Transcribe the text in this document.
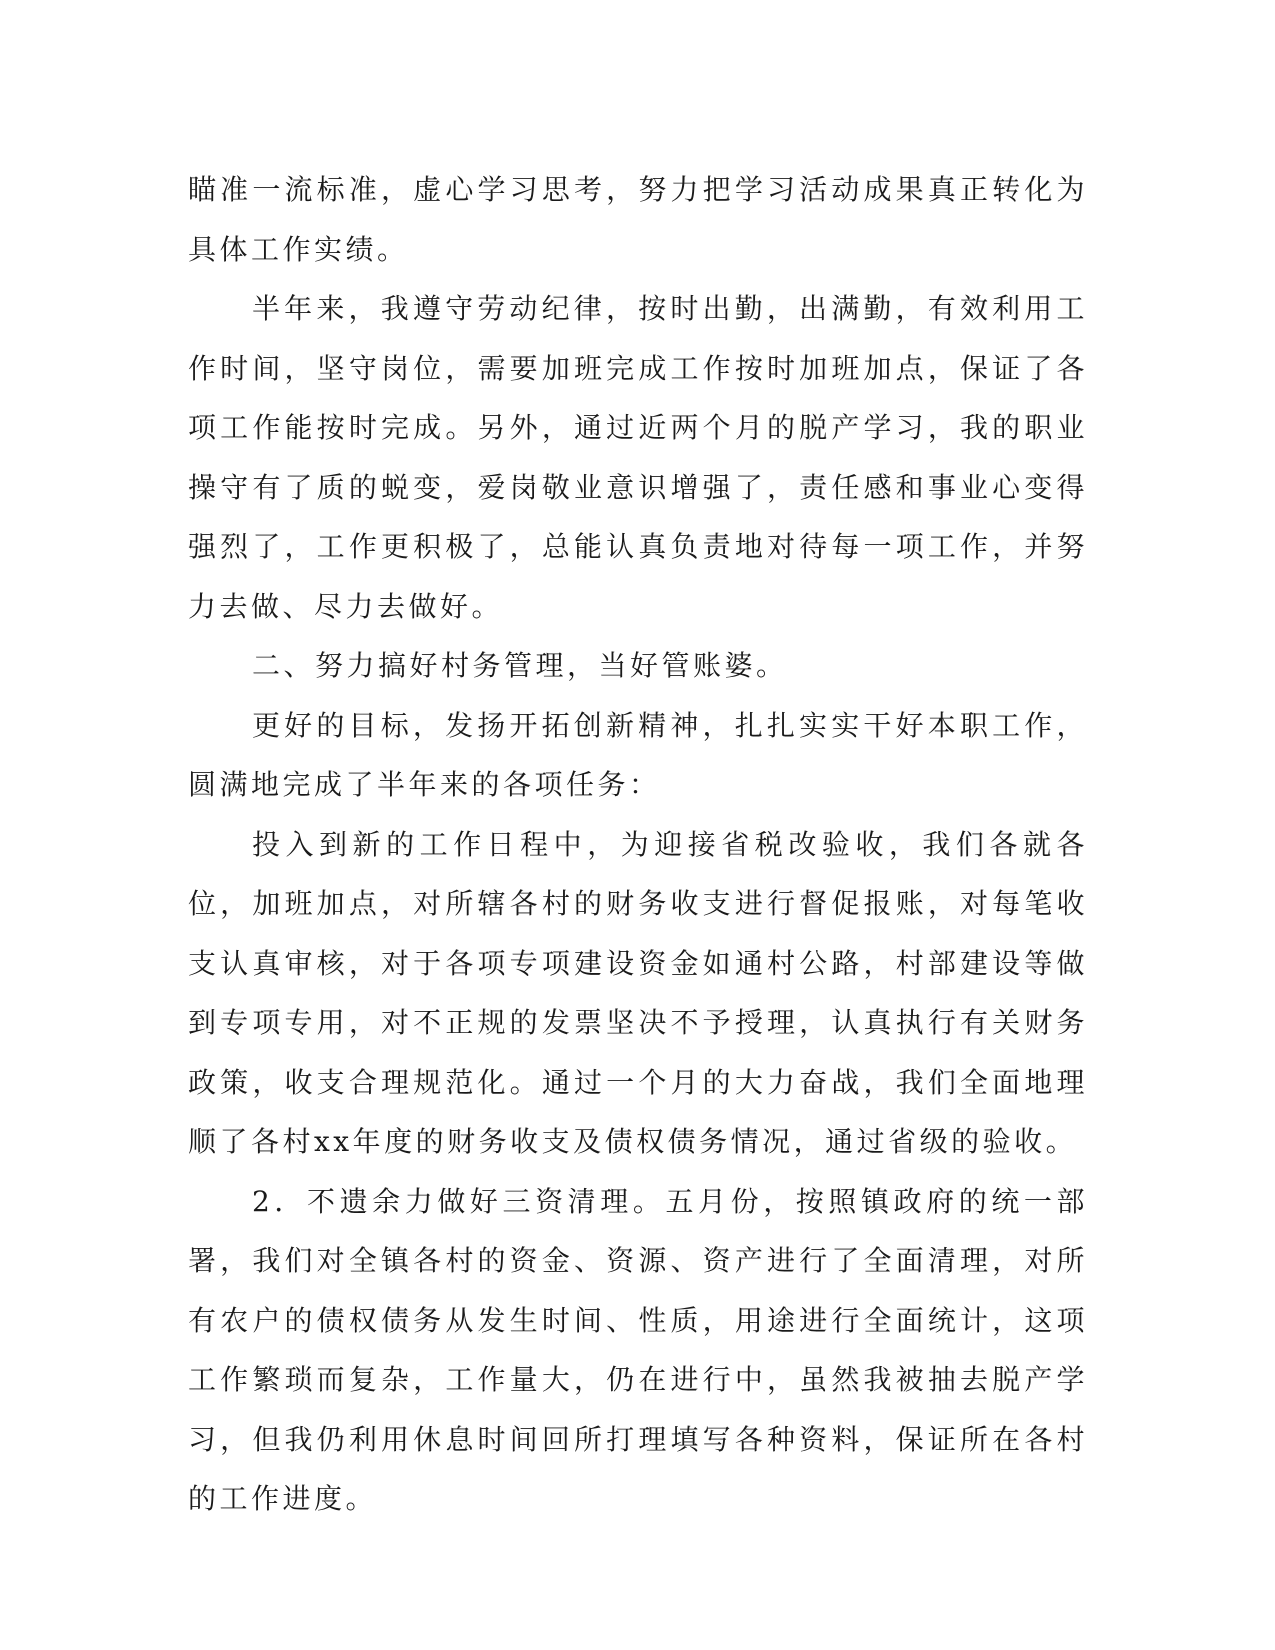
瞄准一流标准，虚心学习思考，努力把学习活动成果真正转化为具体工作实绩。

半年来，我遵守劳动纪律，按时出勤，出满勤，有效利用工作时间，坚守岗位，需要加班完成工作按时加班加点，保证了各项工作能按时完成。另外，通过近两个月的脱产学习，我的职业操守有了质的蜕变，爱岗敬业意识增强了，责任感和事业心变得强烈了，工作更积极了，总能认真负责地对待每一项工作，并努力去做、尽力去做好。

二、努力搞好村务管理，当好管账婆。

更好的目标，发扬开拓创新精神，扎扎实实干好本职工作，圆满地完成了半年来的各项任务：

投入到新的工作日程中，为迎接省税改验收，我们各就各位，加班加点，对所辖各村的财务收支进行督促报账，对每笔收支认真审核，对于各项专项建设资金如通村公路，村部建设等做到专项专用，对不正规的发票坚决不予授理，认真执行有关财务政策，收支合理规范化。通过一个月的大力奋战，我们全面地理顺了各村xx年度的财务收支及债权债务情况，通过省级的验收。

2．不遗余力做好三资清理。五月份，按照镇政府的统一部署，我们对全镇各村的资金、资源、资产进行了全面清理，对所有农户的债权债务从发生时间、性质，用途进行全面统计，这项工作繁琐而复杂，工作量大，仍在进行中，虽然我被抽去脱产学习，但我仍利用休息时间回所打理填写各种资料，保证所在各村的工作进度。
